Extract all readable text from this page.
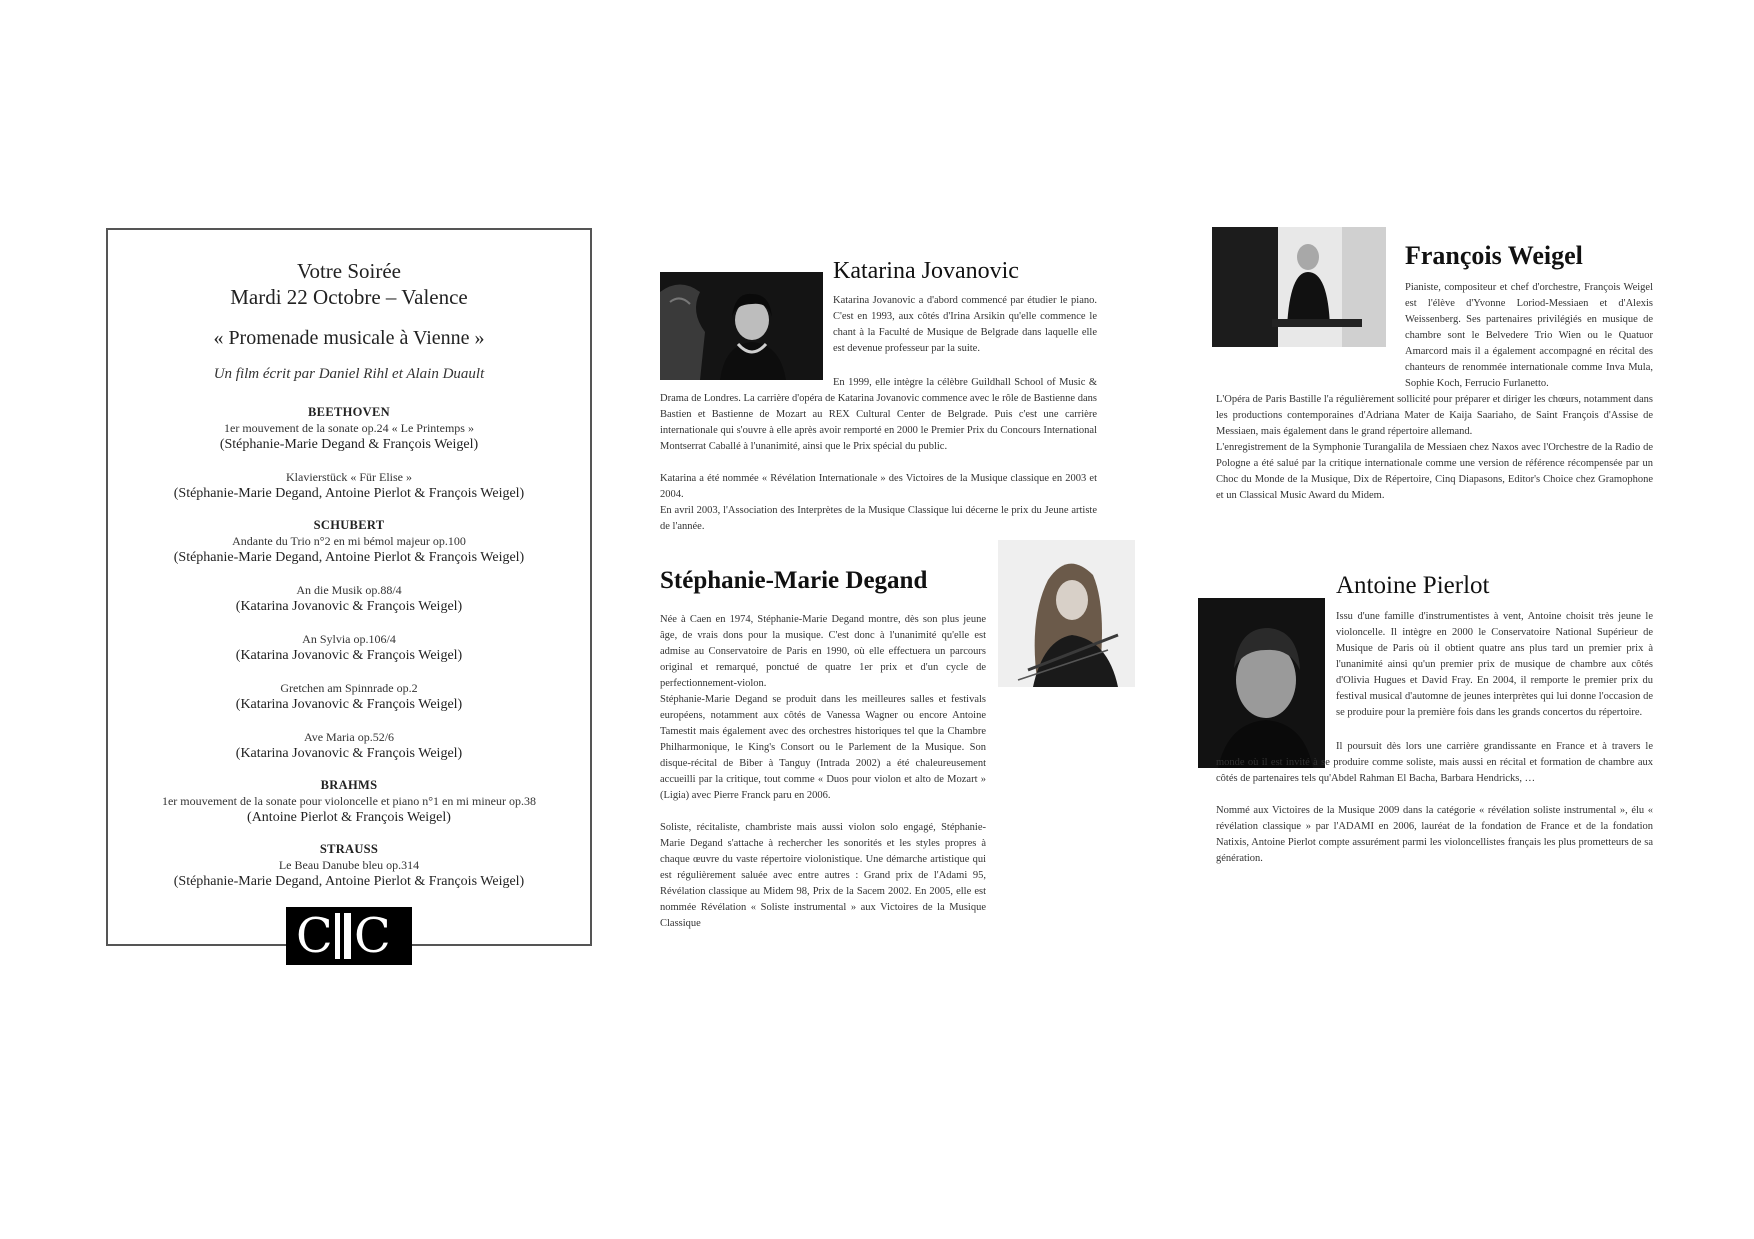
Votre Soirée
Mardi 22 Octobre – Valence
« Promenade musicale à Vienne »
Un film écrit par Daniel Rihl et Alain Duault
BEETHOVEN
1er mouvement de la sonate op.24 « Le Printemps »
(Stéphanie-Marie Degand & François Weigel)
Klavierstück « Für Elise »
(Stéphanie-Marie Degand, Antoine Pierlot & François Weigel)
SCHUBERT
Andante du Trio n°2 en mi bémol majeur op.100
(Stéphanie-Marie Degand, Antoine Pierlot & François Weigel)
An die Musik op.88/4
(Katarina Jovanovic & François Weigel)
An Sylvia op.106/4
(Katarina Jovanovic & François Weigel)
Gretchen am Spinnrade op.2
(Katarina Jovanovic & François Weigel)
Ave Maria op.52/6
(Katarina Jovanovic & François Weigel)
BRAHMS
1er mouvement de la sonate pour violoncelle et piano n°1 en mi mineur op.38
(Antoine Pierlot & François Weigel)
STRAUSS
Le Beau Danube bleu op.314
(Stéphanie-Marie Degand, Antoine Pierlot & François Weigel)
C C
Katarina Jovanovic
Katarina Jovanovic a d'abord commencé par étudier le piano. C'est en 1993, aux côtés d'Irina Arsikin qu'elle commence le chant à la Faculté de Musique de Belgrade dans laquelle elle est devenue professeur par la suite.
En 1999, elle intègre la célèbre Guildhall School of Music & Drama de Londres. La carrière d'opéra de Katarina Jovanovic commence avec le rôle de Bastienne dans Bastien et Bastienne de Mozart au REX Cultural Center de Belgrade. Puis c'est une carrière internationale qui s'ouvre à elle après avoir remporté en 2000 le Premier Prix du Concours International Montserrat Caballé à l'unanimité, ainsi que le Prix spécial du public.
Katarina a été nommée « Révélation Internationale » des Victoires de la Musique classique en 2003 et 2004.
En avril 2003, l'Association des Interprètes de la Musique Classique lui décerne le prix du Jeune artiste de l'année.
Stéphanie-Marie Degand
Née à Caen en 1974, Stéphanie-Marie Degand montre, dès son plus jeune âge, de vrais dons pour la musique. C'est donc à l'unanimité qu'elle est admise au Conservatoire de Paris en 1990, où elle effectuera un parcours original et remarqué, ponctué de quatre 1er prix et d'un cycle de perfectionnement-violon.
Stéphanie-Marie Degand se produit dans les meilleures salles et festivals européens, notamment aux côtés de Vanessa Wagner ou encore Antoine Tamestit mais également avec des orchestres historiques tel que la Chambre Philharmonique, le King's Consort ou le Parlement de la Musique. Son disque-récital de Biber à Tanguy (Intrada 2002) a été chaleureusement accueilli par la critique, tout comme « Duos pour violon et alto de Mozart » (Ligia) avec Pierre Franck paru en 2006.
Soliste, récitaliste, chambriste mais aussi violon solo engagé, Stéphanie-Marie Degand s'attache à rechercher les sonorités et les styles propres à chaque œuvre du vaste répertoire violonistique. Une démarche artistique qui est régulièrement saluée avec entre autres : Grand prix de l'Adami 95, Révélation classique au Midem 98, Prix de la Sacem 2002. En 2005, elle est nommée Révélation « Soliste instrumental » aux Victoires de la Musique Classique
François Weigel
Pianiste, compositeur et chef d'orchestre, François Weigel est l'élève d'Yvonne Loriod-Messiaen et d'Alexis Weissenberg. Ses partenaires privilégiés en musique de chambre sont le Belvedere Trio Wien ou le Quatuor Amarcord mais il a également accompagné en récital des chanteurs de renommée internationale comme Inva Mula, Sophie Koch, Ferrucio Furlanetto.
L'Opéra de Paris Bastille l'a régulièrement sollicité pour préparer et diriger les chœurs, notamment dans les productions contemporaines d'Adriana Mater de Kaija Saariaho, de Saint François d'Assise de Messiaen, mais également dans le grand répertoire allemand.
L'enregistrement de la Symphonie Turangalila de Messiaen chez Naxos avec l'Orchestre de la Radio de Pologne a été salué par la critique internationale comme une version de référence récompensée par un Choc du Monde de la Musique, Dix de Répertoire, Cinq Diapasons, Editor's Choice chez Gramophone et un Classical Music Award du Midem.
Antoine Pierlot
Issu d'une famille d'instrumentistes à vent, Antoine choisit très jeune le violoncelle. Il intègre en 2000 le Conservatoire National Supérieur de Musique de Paris où il obtient quatre ans plus tard un premier prix à l'unanimité ainsi qu'un premier prix de musique de chambre aux côtés d'Olivia Hugues et David Fray. En 2004, il remporte le premier prix du festival musical d'automne de jeunes interprètes qui lui donne l'occasion de se produire pour la première fois dans les grands concertos du répertoire.
Il poursuit dès lors une carrière grandissante en France et à travers le monde où il est invité à se produire comme soliste, mais aussi en récital et formation de chambre aux côtés de partenaires tels qu'Abdel Rahman El Bacha, Barbara Hendricks, …
Nommé aux Victoires de la Musique 2009 dans la catégorie « révélation soliste instrumental », élu « révélation classique » par l'ADAMI en 2006, lauréat de la fondation de France et de la fondation Natixis, Antoine Pierlot compte assurément parmi les violoncellistes français les plus prometteurs de sa génération.
